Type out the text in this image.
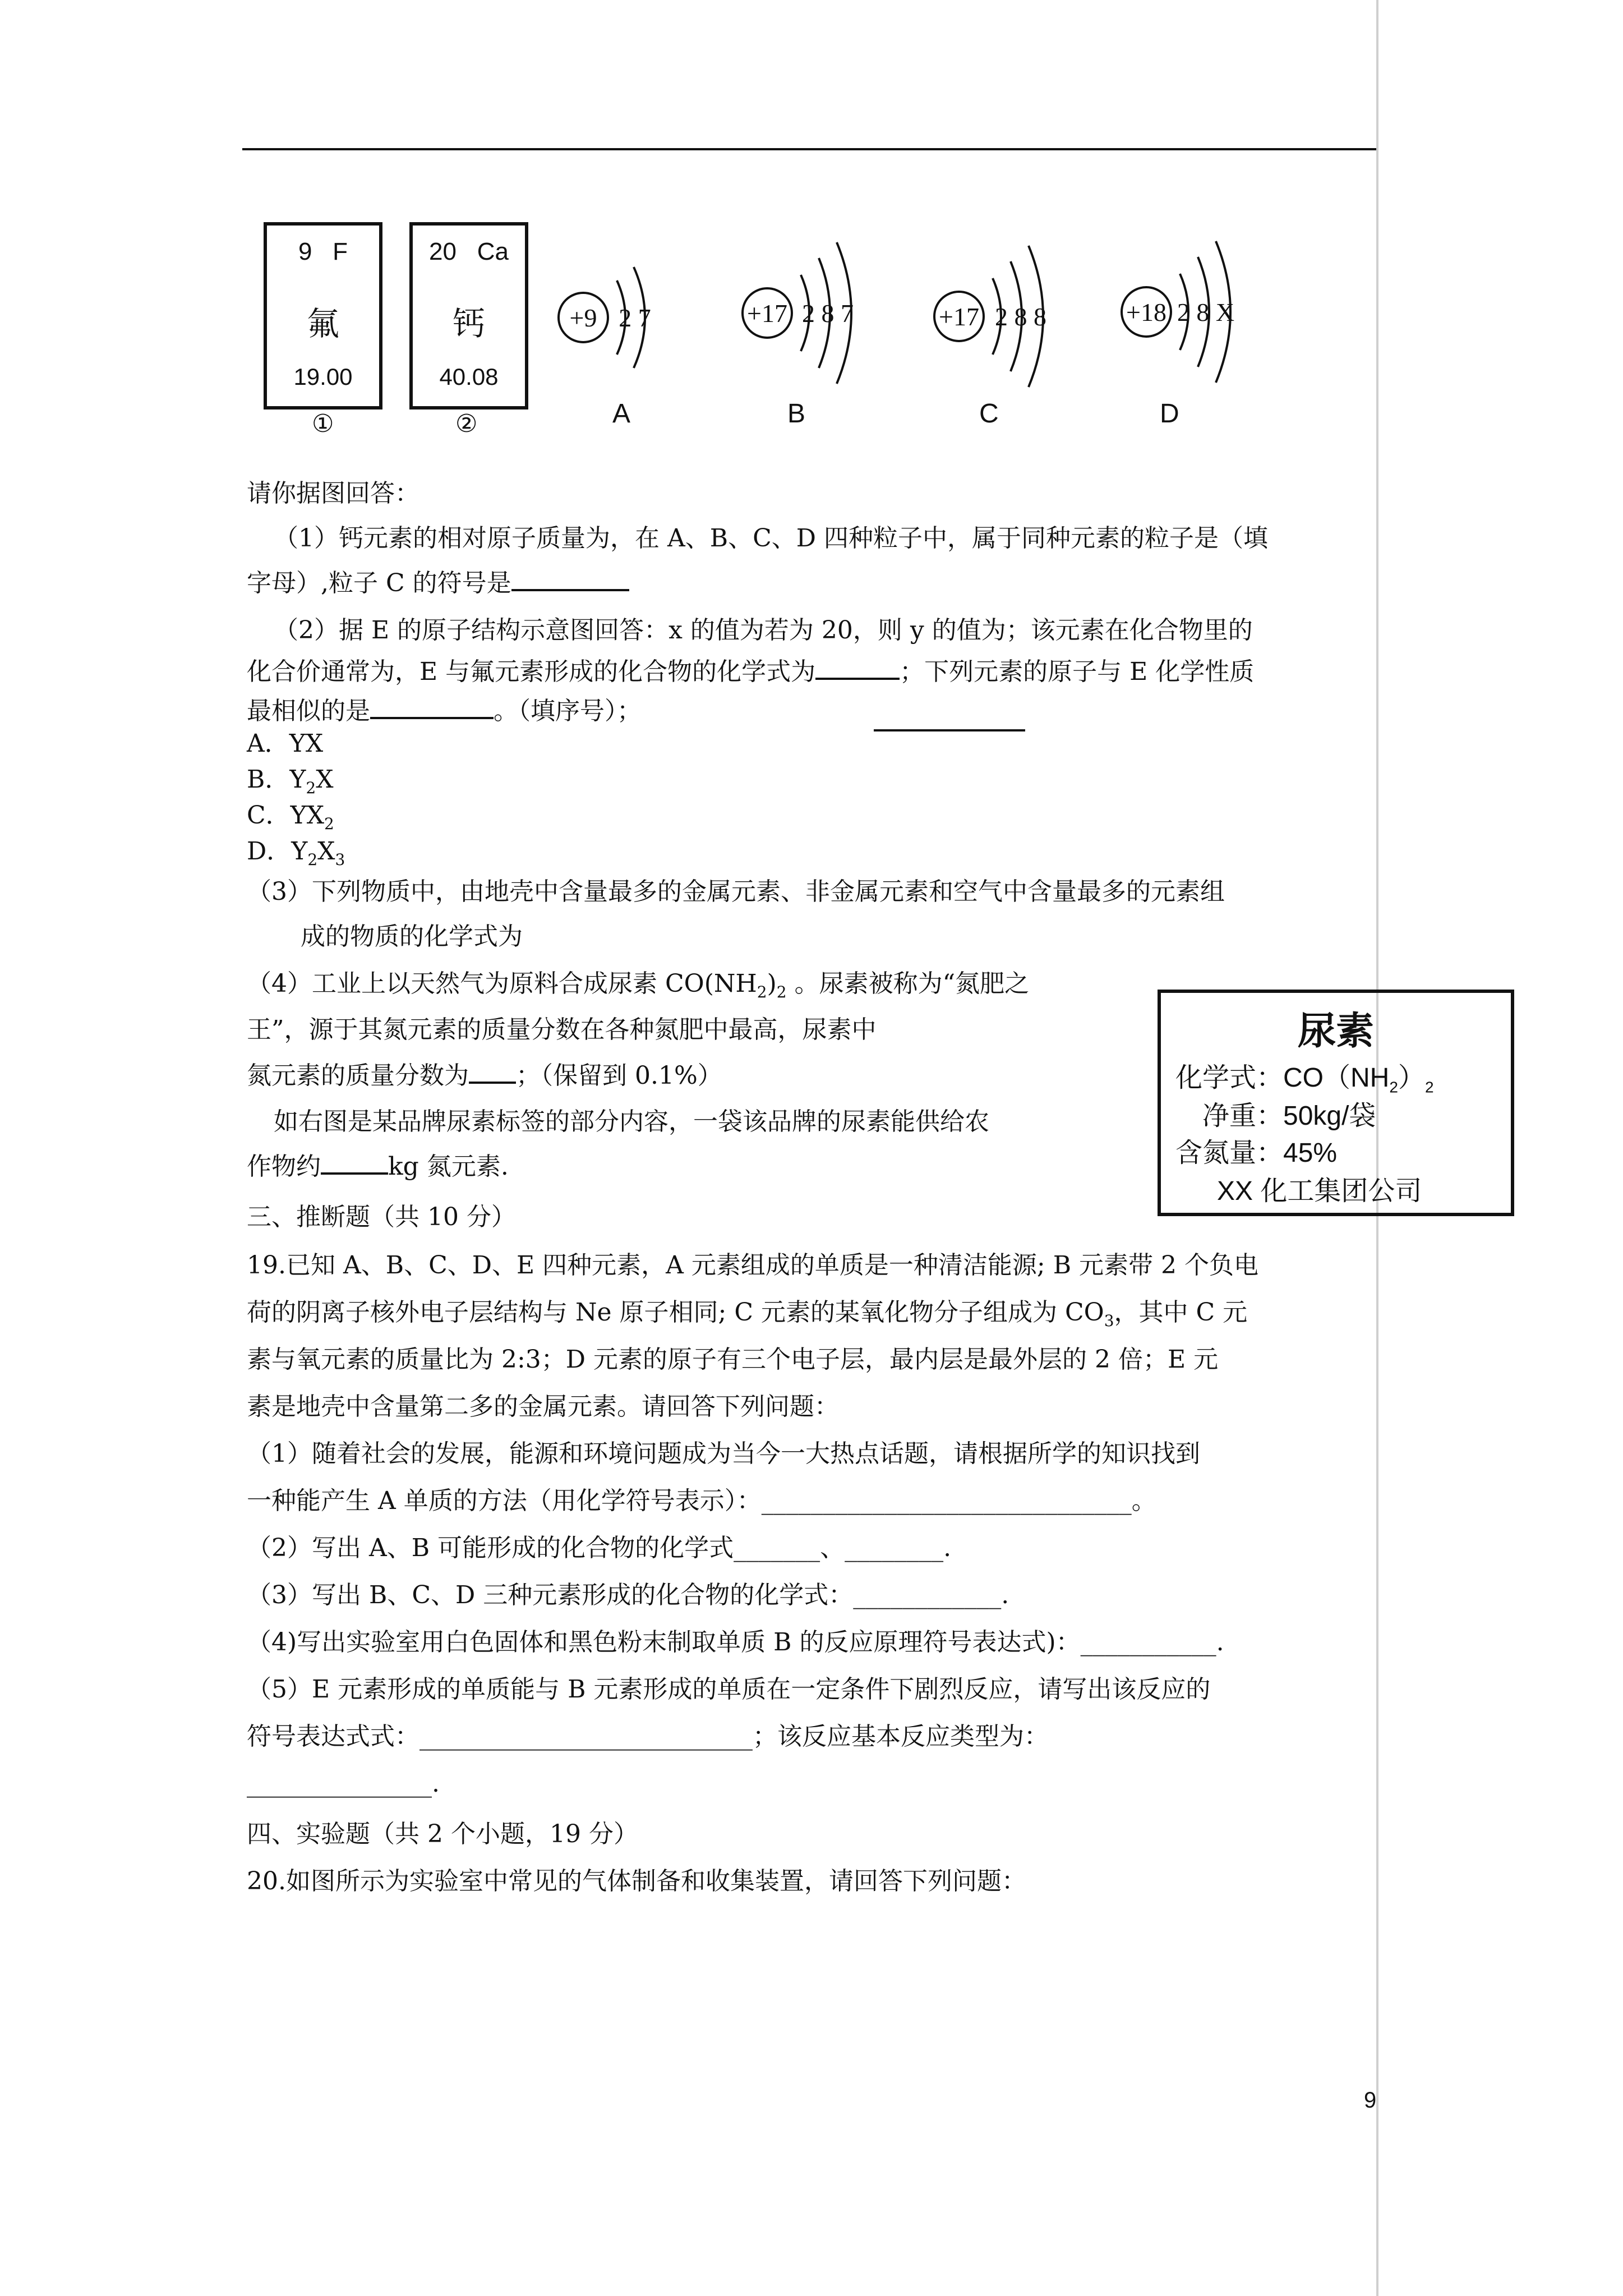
9 F
氟
19.00
①
20 Ca
钙
40.08
②
+9 2 7	+17 2 8 7	+17 2 8 8	+18 2 8 X
A	B	C	D
请你据图回答：
（1）钙元素的相对原子质量为，在 A、B、C、D 四种粒子中，属于同种元素的粒子是（填
字母）,粒子 C 的符号是
（2）据 E 的原子结构示意图回答：x 的值为若为 20，则 y 的值为；该元素在化合物里的
化合价通常为，E 与氟元素形成的化合物的化学式为	；下列元素的原子与 E 化学性质
最相似的是	。（填序号）；
A．YX
B．$Y_2X$
C．$YX_2$
D．$Y_2X_3$
（3）下列物质中，由地壳中含量最多的金属元素、非金属元素和空气中含量最多的元素组
成的物质的化学式为
（4）工业上以天然气为原料合成尿素 $CO(NH_2)_2$ 。尿素被称为“氮肥之
王”，源于其氮元素的质量分数在各种氮肥中最高，尿素中
氮元素的质量分数为 ；（保留到 0.1%）
如右图是某品牌尿素标签的部分内容，一袋该品牌的尿素能供给农
作物约	kg 氮元素.
尿素
化学式：$CO(NH_2)_2$
净重：50kg/袋
含氮量：45%
XX 化工集团公司
三、推断题（共 10 分）
19.已知 A、B、C、D、E 四种元素，A 元素组成的单质是一种清洁能源; B 元素带 2 个负电
荷的阴离子核外电子层结构与 Ne 原子相同; C 元素的某氧化物分子组成为 $CO_3$，其中 C 元
素与氧元素的质量比为 2:3；D 元素的原子有三个电子层，最内层是最外层的 2 倍；E 元
素是地壳中含量第二多的金属元素。请回答下列问题：
（1）随着社会的发展，能源和环境问题成为当今一大热点话题，请根据所学的知识找到
一种能产生 A 单质的方法（用化学符号表示）：______________________________。
（2）写出 A、B 可能形成的化合物的化学式_______、________.
（3）写出 B、C、D 三种元素形成的化合物的化学式：____________.
（4)写出实验室用白色固体和黑色粉末制取单质 B 的反应原理符号表达式)：___________.
（5）E 元素形成的单质能与 B 元素形成的单质在一定条件下剧烈反应，请写出该反应的
符号表达式式：___________________________；该反应基本反应类型为：
_______________.
四、实验题（共 2 个小题，19 分）
20.如图所示为实验室中常见的气体制备和收集装置，请回答下列问题：
9
